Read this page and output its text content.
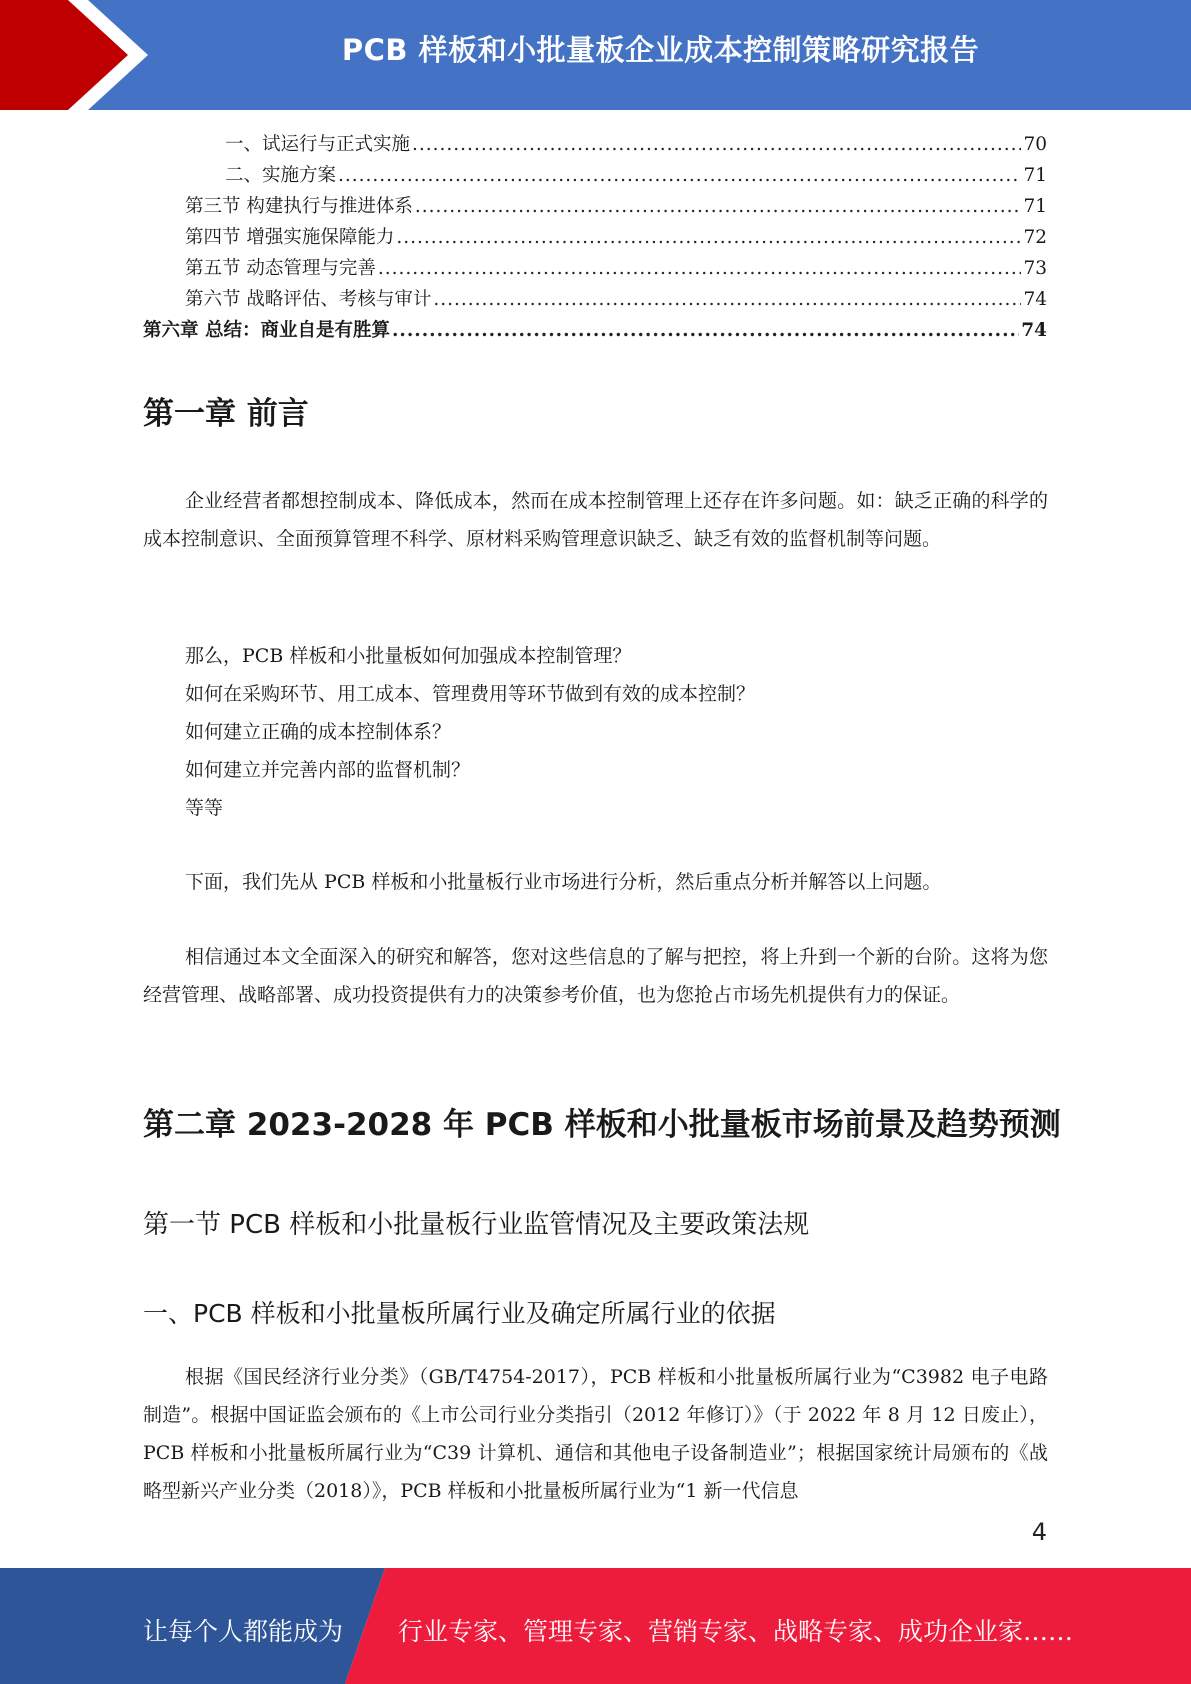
PCB 样板和小批量板企业成本控制策略研究报告
一、试运行与正式实施 .....	70
二、实施方案 .....	71
第三节 构建执行与推进体系 .....	71
第四节 增强实施保障能力 .....	72
第五节 动态管理与完善 .....	73
第六节 战略评估、考核与审计 .....	74
第六章 总结：商业自是有胜算 .....	74
第一章 前言

企业经营者都想控制成本、降低成本，然而在成本控制管理上还存在许多问题。如：缺乏正确的科学的成本控制意识、全面预算管理不科学、原材料采购管理意识缺乏、缺乏有效的监督机制等问题。

那么，PCB 样板和小批量板如何加强成本控制管理？
如何在采购环节、用工成本、管理费用等环节做到有效的成本控制？
如何建立正确的成本控制体系？
如何建立并完善内部的监督机制？
等等

下面，我们先从 PCB 样板和小批量板行业市场进行分析，然后重点分析并解答以上问题。

相信通过本文全面深入的研究和解答，您对这些信息的了解与把控，将上升到一个新的台阶。这将为您经营管理、战略部署、成功投资提供有力的决策参考价值，也为您抢占市场先机提供有力的保证。

第二章 2023-2028 年 PCB 样板和小批量板市场前景及趋势预测
第一节 PCB 样板和小批量板行业监管情况及主要政策法规
一、PCB 样板和小批量板所属行业及确定所属行业的依据

根据《国民经济行业分类》（GB/T4754-2017），PCB 样板和小批量板所属行业为“C3982 电子电路制造”。根据中国证监会颁布的《上市公司行业分类指引（2012 年修订）》（于 2022 年 8 月 12 日废止），PCB 样板和小批量板所属行业为“C39 计算机、通信和其他电子设备制造业”；根据国家统计局颁布的《战略型新兴产业分类（2018）》，PCB 样板和小批量板所属行业为“1 新一代信息

4
让每个人都能成为 行业专家、管理专家、营销专家、战略专家、成功企业家……
